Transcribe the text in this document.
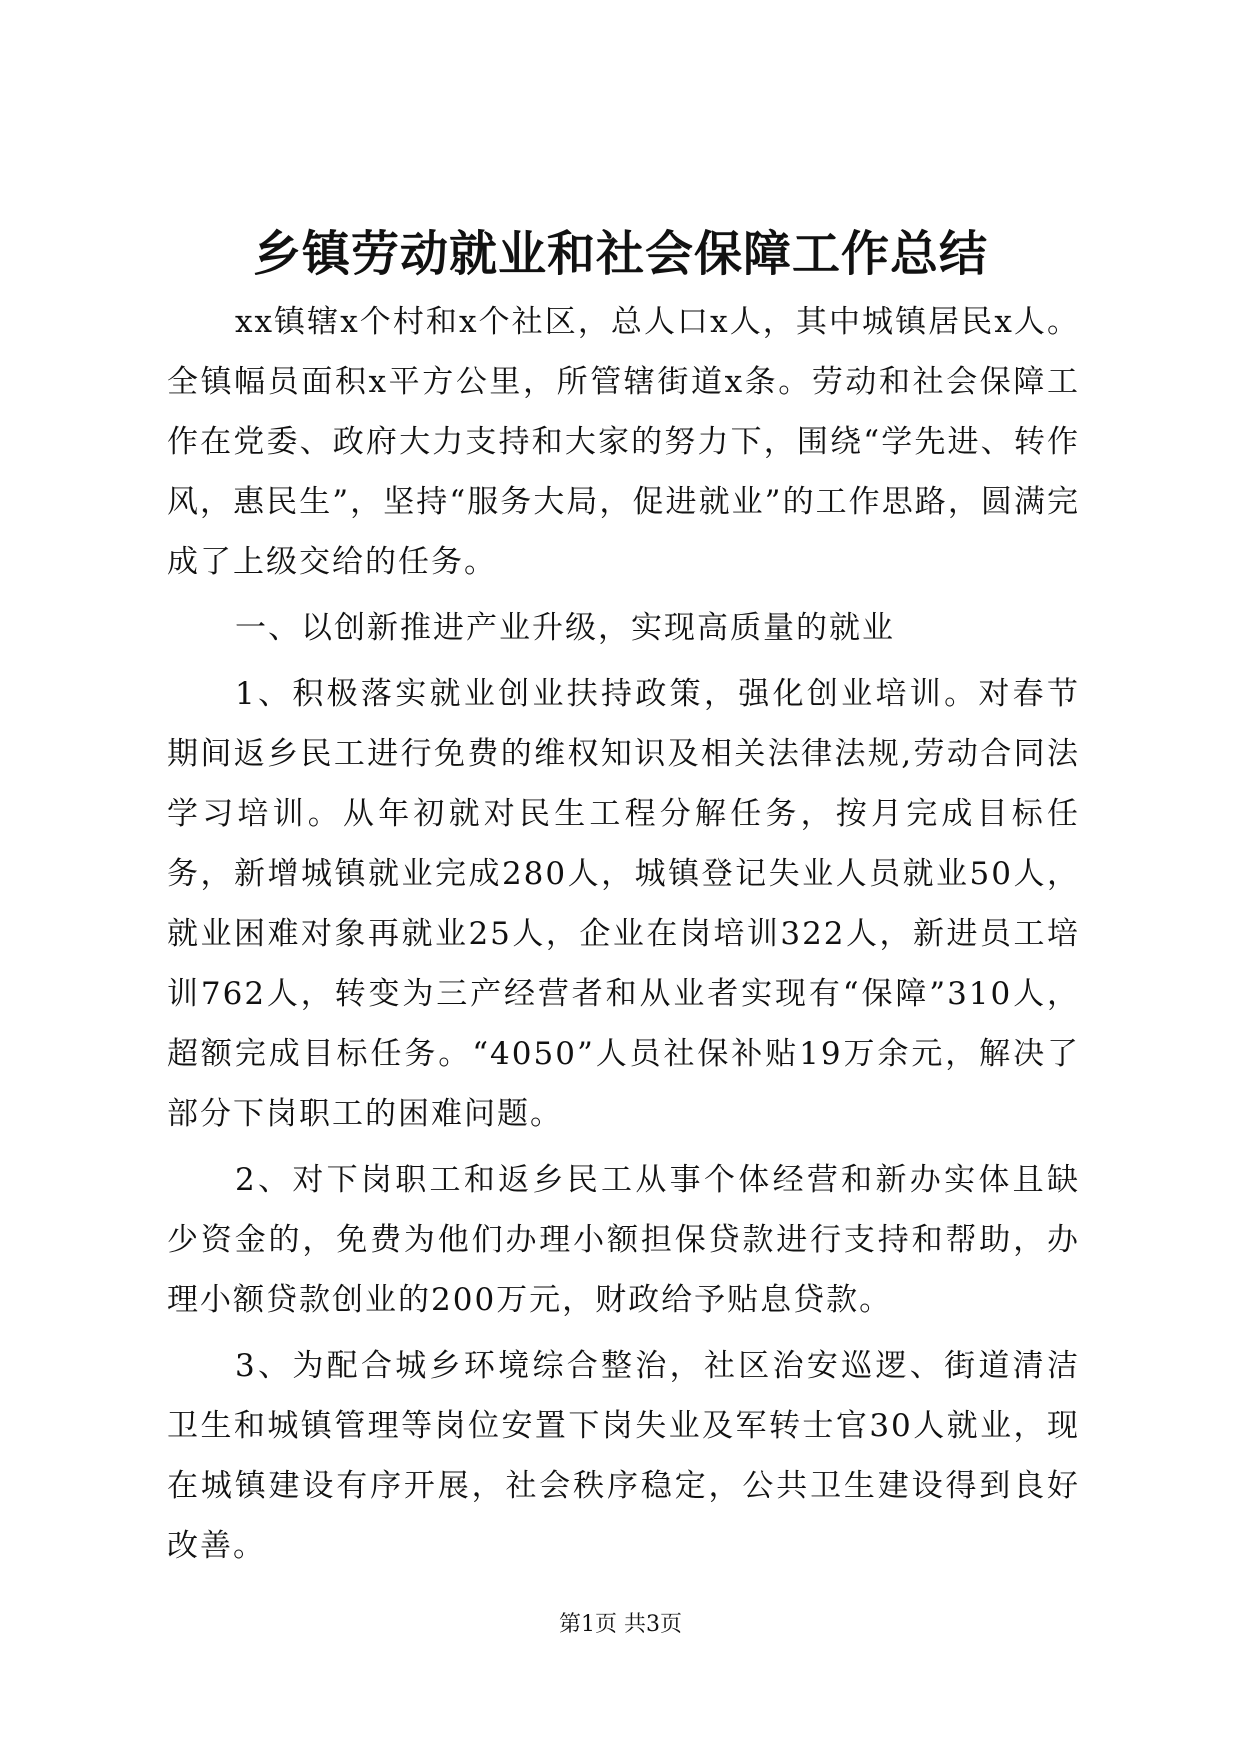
乡镇劳动就业和社会保障工作总结

xx镇辖x个村和x个社区，总人口x人，其中城镇居民x人。全镇幅员面积x平方公里，所管辖街道x条。劳动和社会保障工作在党委、政府大力支持和大家的努力下，围绕“学先进、转作风，惠民生”，坚持“服务大局，促进就业”的工作思路，圆满完成了上级交给的任务。

一、以创新推进产业升级，实现高质量的就业

1、积极落实就业创业扶持政策，强化创业培训。对春节期间返乡民工进行免费的维权知识及相关法律法规,劳动合同法学习培训。从年初就对民生工程分解任务，按月完成目标任务，新增城镇就业完成280人，城镇登记失业人员就业50人，就业困难对象再就业25人，企业在岗培训322人，新进员工培训762人，转变为三产经营者和从业者实现有“保障”310人，超额完成目标任务。“4050”人员社保补贴19万余元，解决了部分下岗职工的困难问题。

2、对下岗职工和返乡民工从事个体经营和新办实体且缺少资金的，免费为他们办理小额担保贷款进行支持和帮助，办理小额贷款创业的200万元，财政给予贴息贷款。

3、为配合城乡环境综合整治，社区治安巡逻、街道清洁卫生和城镇管理等岗位安置下岗失业及军转士官30人就业，现在城镇建设有序开展，社会秩序稳定，公共卫生建设得到良好改善。

第1页 共3页
